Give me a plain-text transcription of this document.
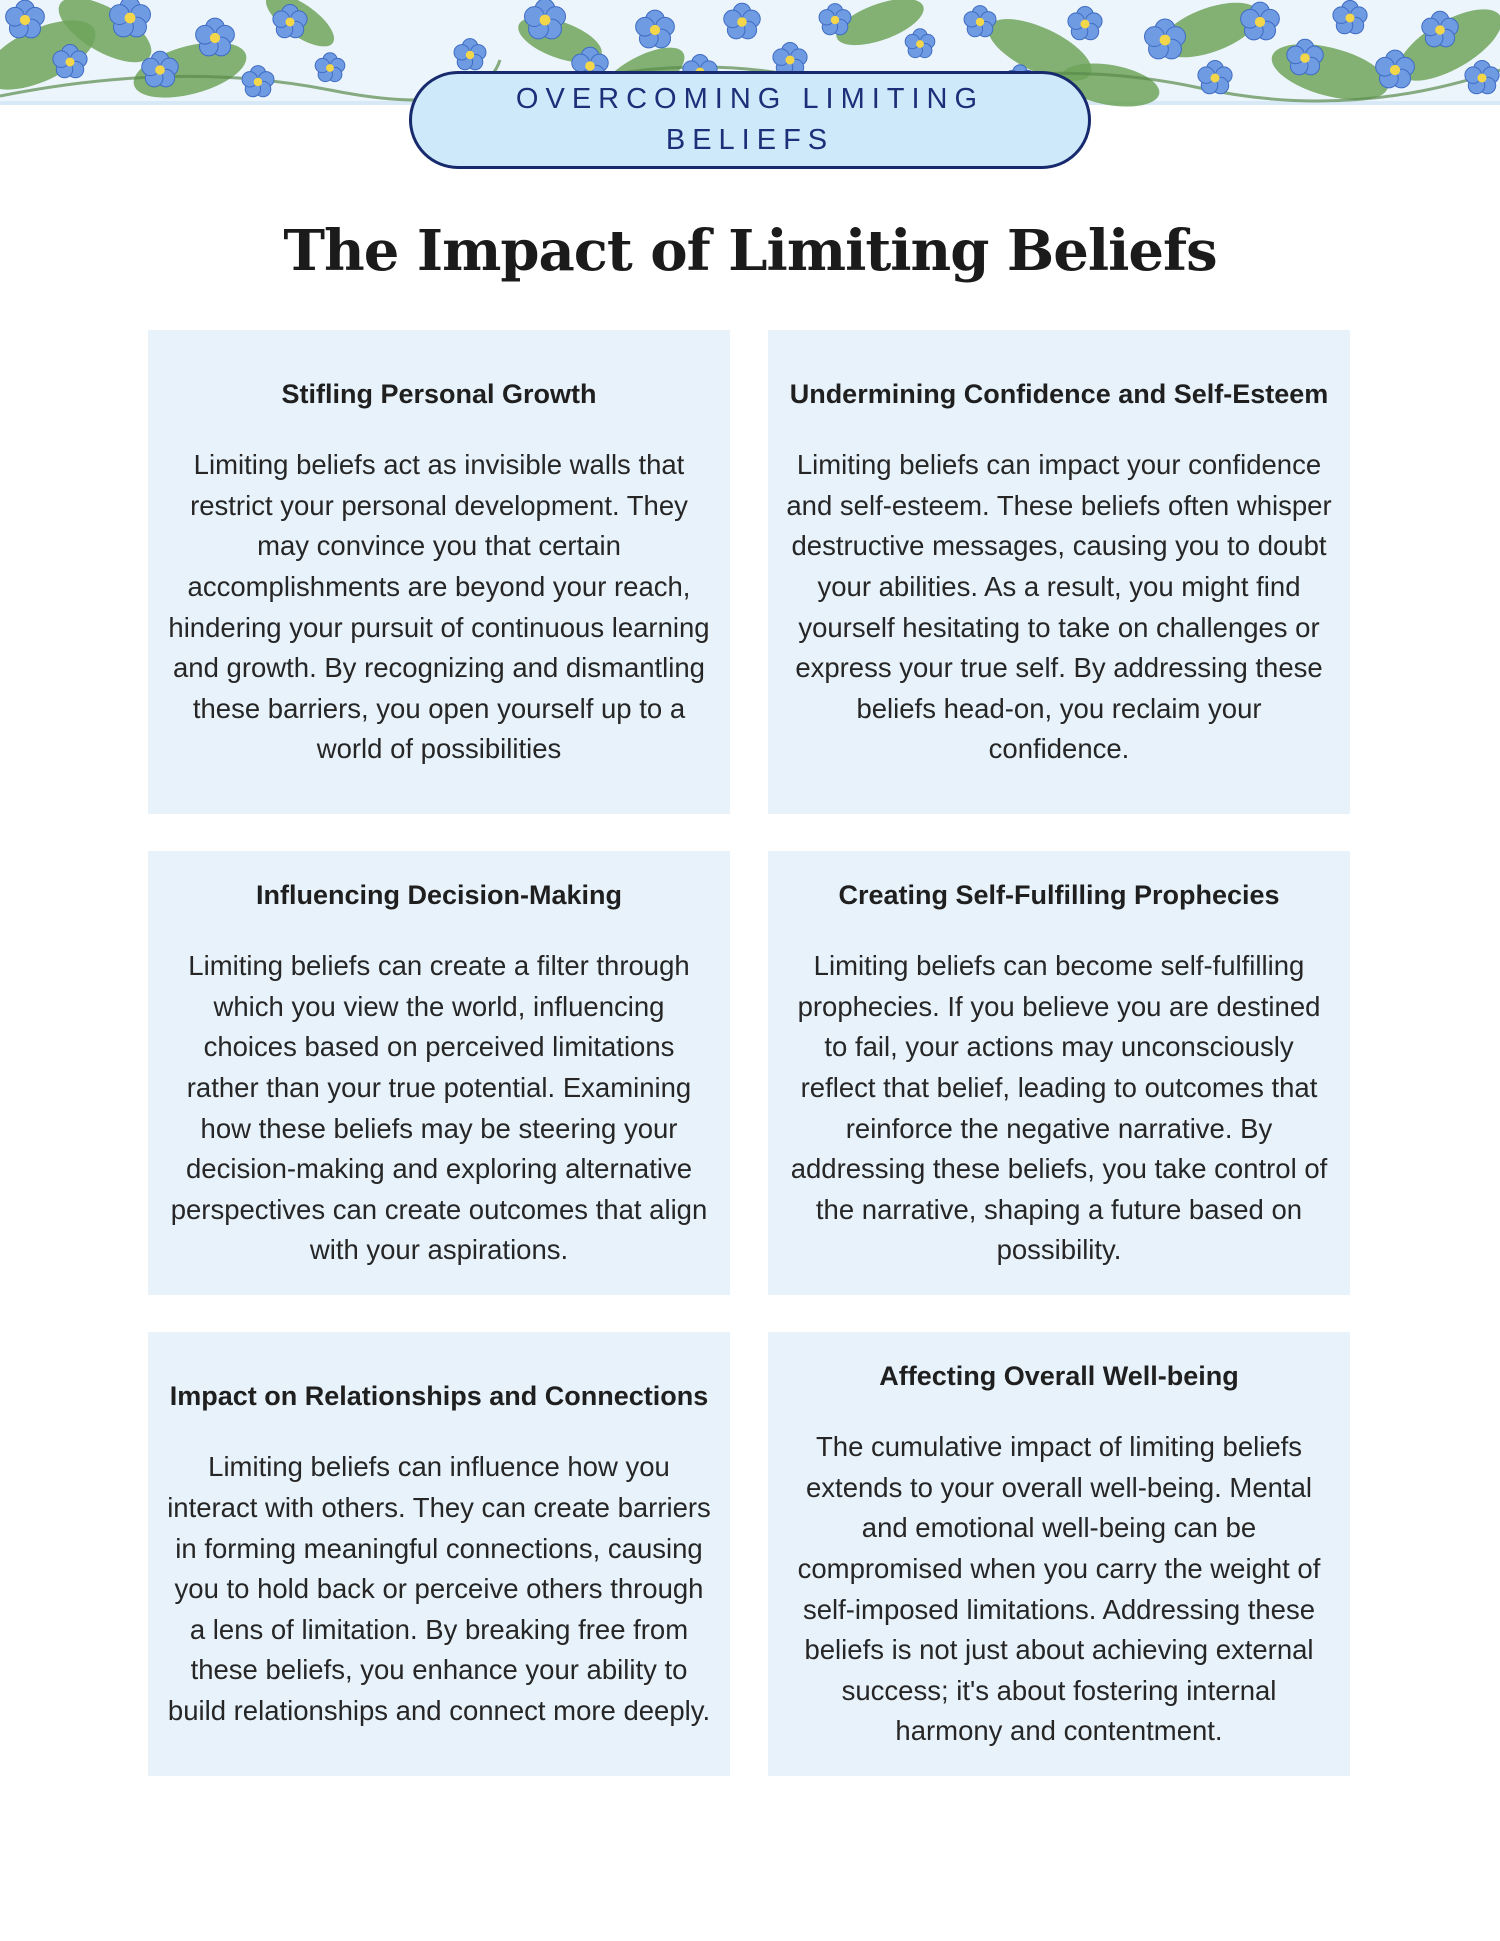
OVERCOMING LIMITING BELIEFS
The Impact of Limiting Beliefs
Stifling Personal Growth

Limiting beliefs act as invisible walls that restrict your personal development. They may convince you that certain accomplishments are beyond your reach, hindering your pursuit of continuous learning and growth. By recognizing and dismantling these barriers, you open yourself up to a world of possibilities

Undermining Confidence and Self-Esteem

Limiting beliefs can impact your confidence and self-esteem. These beliefs often whisper destructive messages, causing you to doubt your abilities. As a result, you might find yourself hesitating to take on challenges or express your true self. By addressing these beliefs head-on, you reclaim your confidence.

Influencing Decision-Making

Limiting beliefs can create a filter through which you view the world, influencing choices based on perceived limitations rather than your true potential. Examining how these beliefs may be steering your decision-making and exploring alternative perspectives can create outcomes that align with your aspirations.

Creating Self-Fulfilling Prophecies

Limiting beliefs can become self-fulfilling prophecies. If you believe you are destined to fail, your actions may unconsciously reflect that belief, leading to outcomes that reinforce the negative narrative. By addressing these beliefs, you take control of the narrative, shaping a future based on possibility.

Impact on Relationships and Connections

Limiting beliefs can influence how you interact with others. They can create barriers in forming meaningful connections, causing you to hold back or perceive others through a lens of limitation. By breaking free from these beliefs, you enhance your ability to build relationships and connect more deeply.

Affecting Overall Well-being

The cumulative impact of limiting beliefs extends to your overall well-being. Mental and emotional well-being can be compromised when you carry the weight of self-imposed limitations. Addressing these beliefs is not just about achieving external success; it's about fostering internal harmony and contentment.
